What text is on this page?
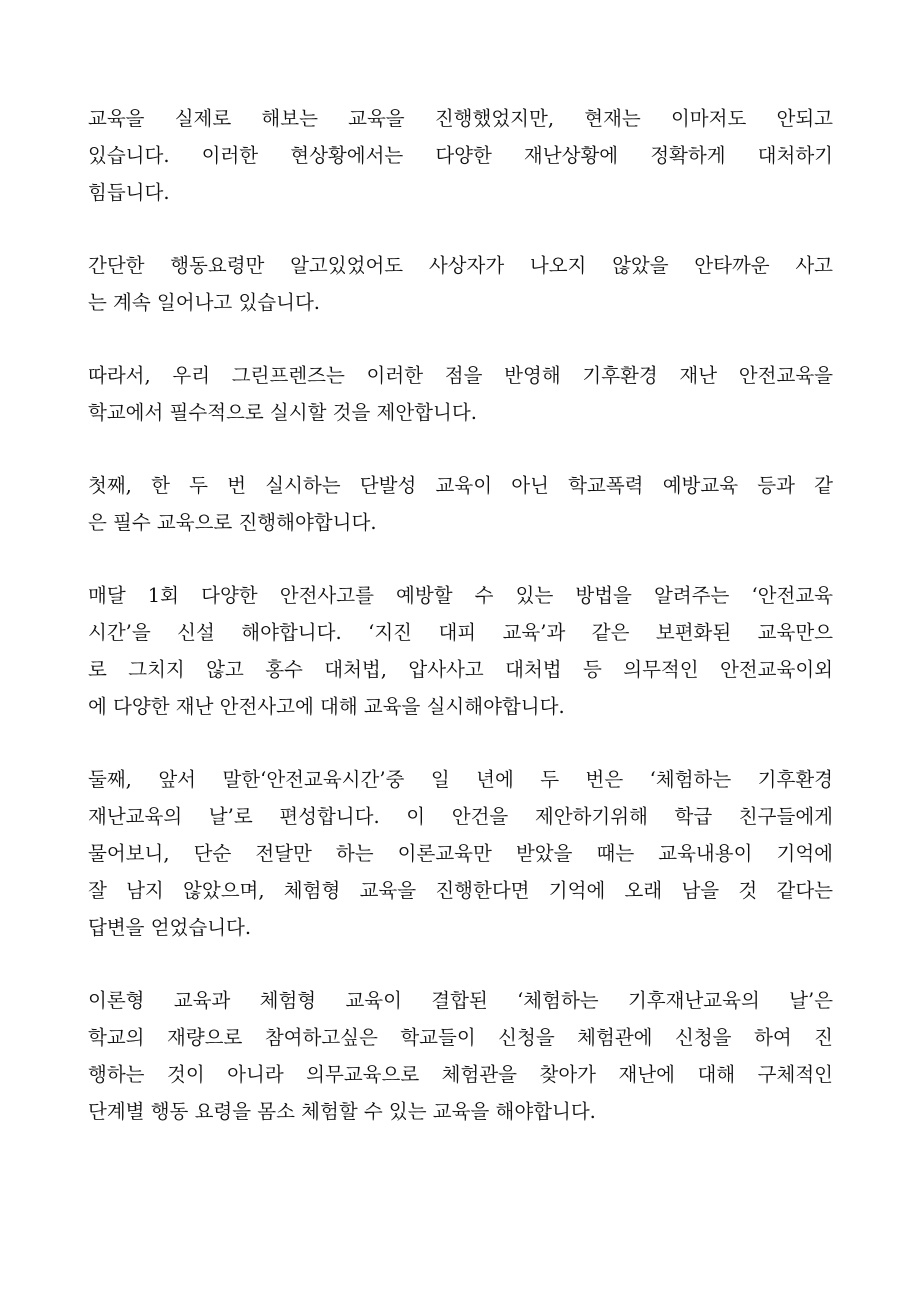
교육을 실제로 해보는 교육을 진행했었지만, 현재는 이마저도 안되고
있습니다. 이러한 현상황에서는 다양한 재난상황에 정확하게 대처하기
힘듭니다.

간단한 행동요령만 알고있었어도 사상자가 나오지 않았을 안타까운 사고
는 계속 일어나고 있습니다.

따라서, 우리 그린프렌즈는 이러한 점을 반영해 기후환경 재난 안전교육을
학교에서 필수적으로 실시할 것을 제안합니다.

첫째, 한 두 번 실시하는 단발성 교육이 아닌 학교폭력 예방교육 등과 같
은 필수 교육으로 진행해야합니다.

매달 1회 다양한 안전사고를 예방할 수 있는 방법을 알려주는 ‘안전교육
시간’을 신설 해야합니다. ‘지진 대피 교육’과 같은 보편화된 교육만으
로 그치지 않고 홍수 대처법, 압사사고 대처법 등 의무적인 안전교육이외
에 다양한 재난 안전사고에 대해 교육을 실시해야합니다.

둘째, 앞서 말한‘안전교육시간’중 일 년에 두 번은 ‘체험하는 기후환경
재난교육의 날’로 편성합니다. 이 안건을 제안하기위해 학급 친구들에게
물어보니, 단순 전달만 하는 이론교육만 받았을 때는 교육내용이 기억에
잘 남지 않았으며, 체험형 교육을 진행한다면 기억에 오래 남을 것 같다는
답변을 얻었습니다.

이론형 교육과 체험형 교육이 결합된 ‘체험하는 기후재난교육의 날’은
학교의 재량으로 참여하고싶은 학교들이 신청을 체험관에 신청을 하여 진
행하는 것이 아니라 의무교육으로 체험관을 찾아가 재난에 대해 구체적인
단계별 행동 요령을 몸소 체험할 수 있는 교육을 해야합니다.
